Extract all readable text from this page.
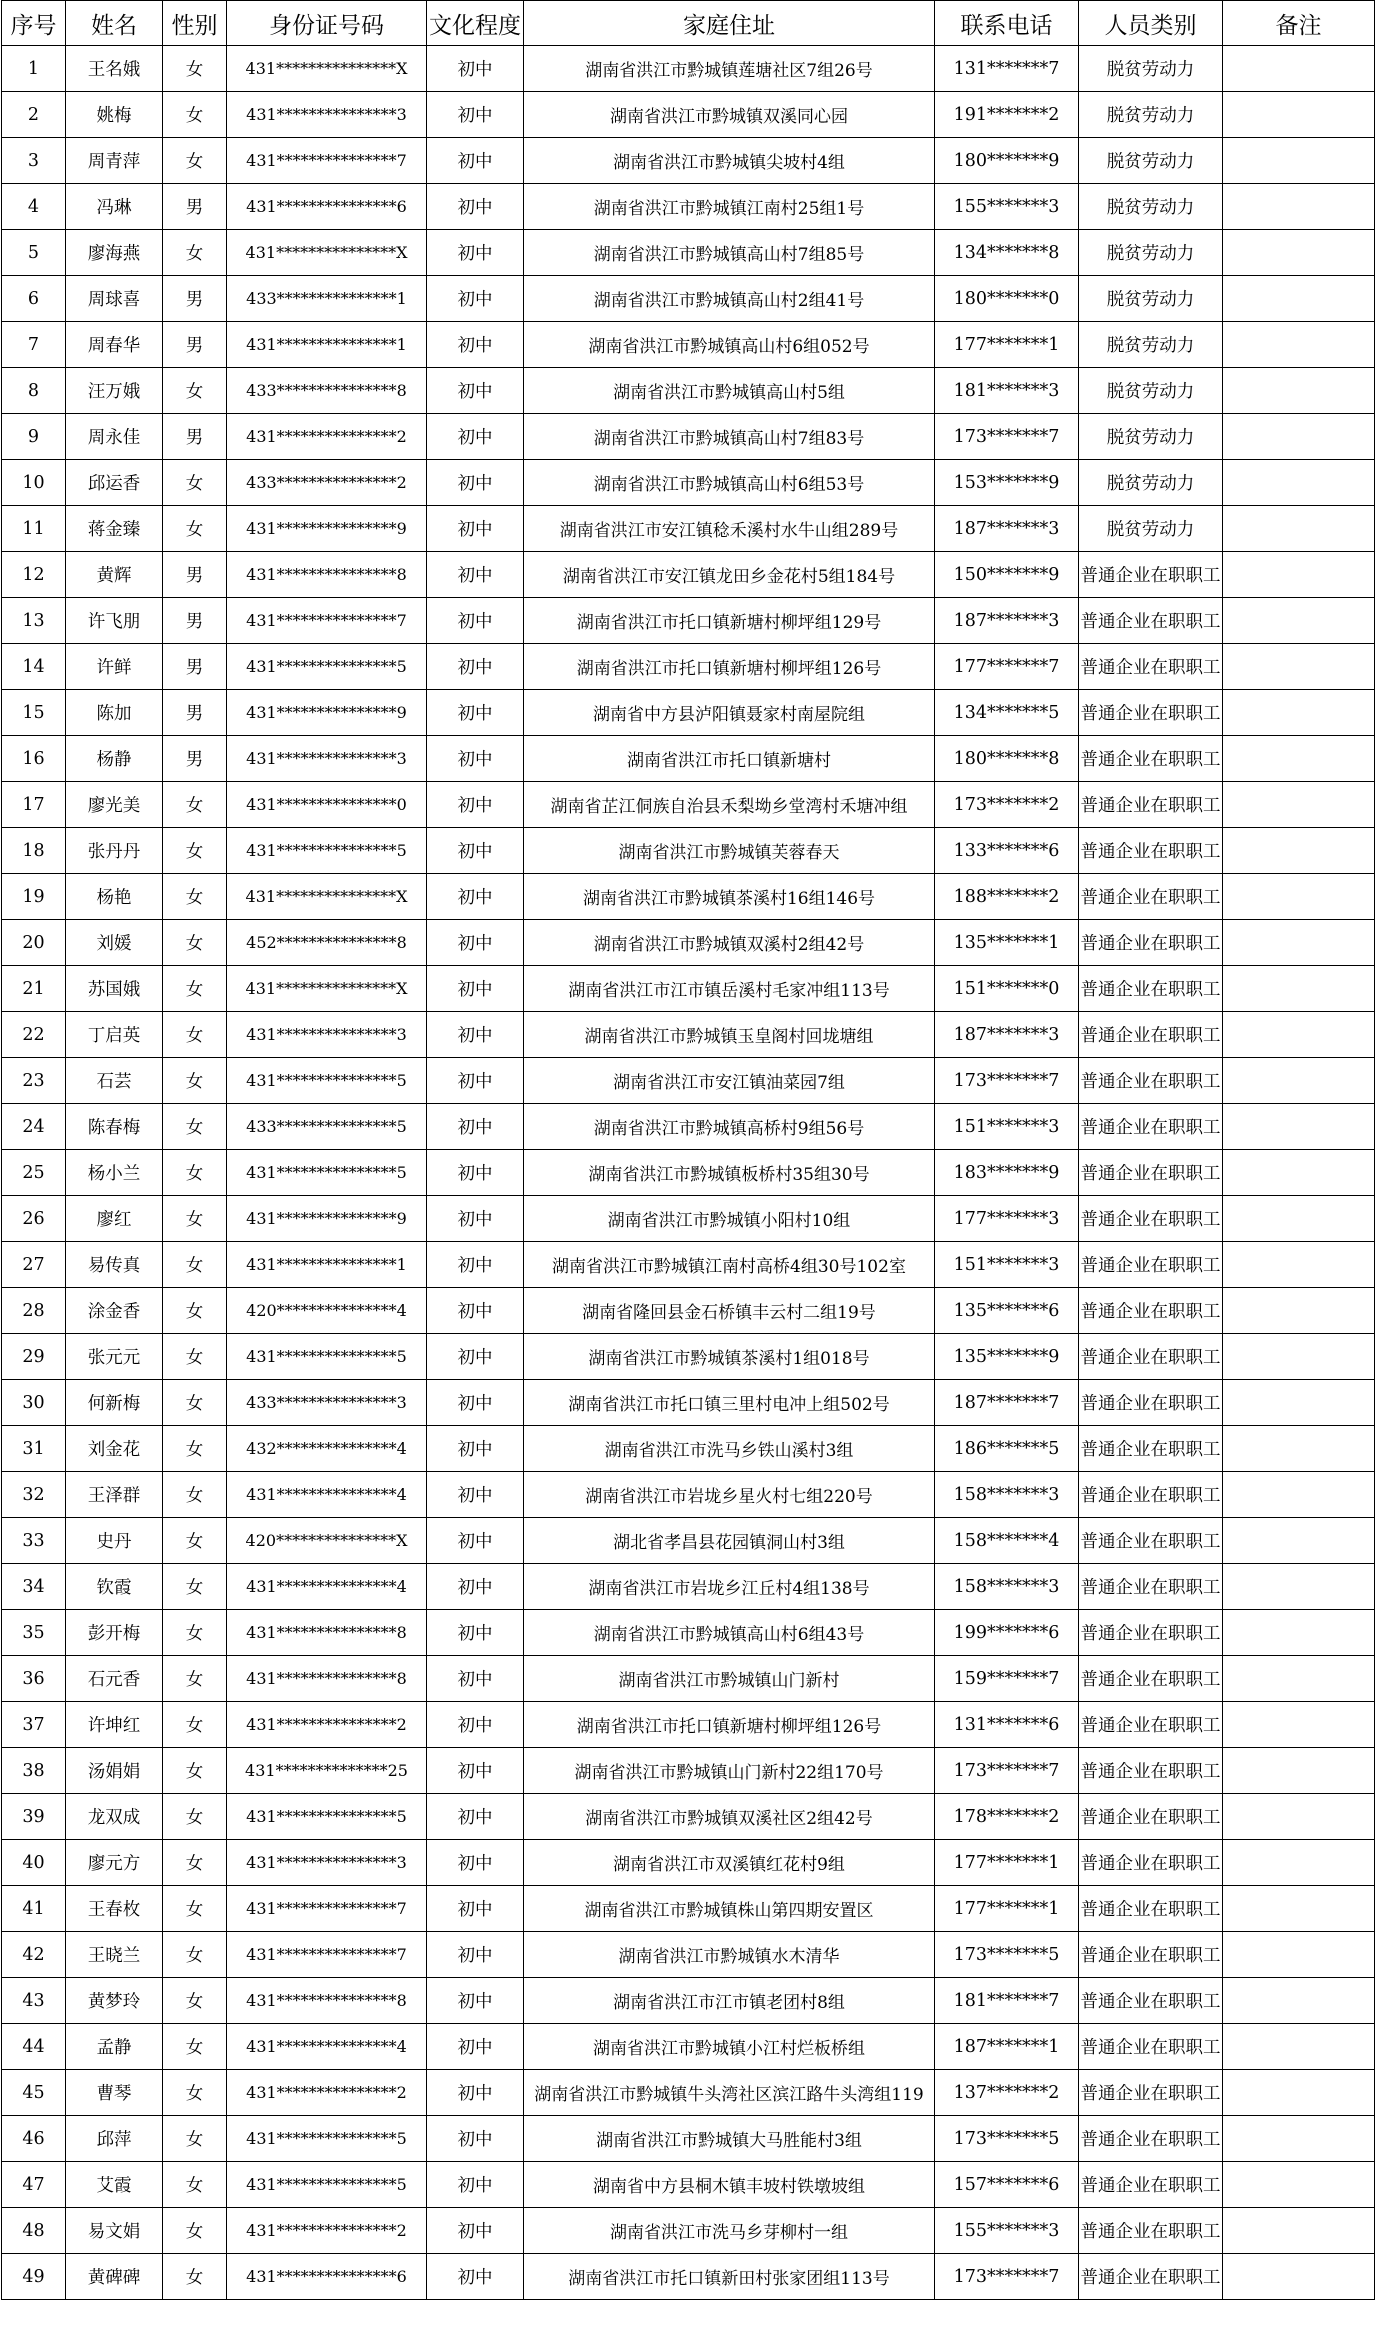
序号	姓名	性别	身份证号码	文化程度	家庭住址	联系电话	人员类别	备注
1	王名娥	女	431***************X	初中	湖南省洪江市黔城镇莲塘社区7组26号	131*******7	脱贫劳动力	
2	姚梅	女	431***************3	初中	湖南省洪江市黔城镇双溪同心园	191*******2	脱贫劳动力	
3	周青萍	女	431***************7	初中	湖南省洪江市黔城镇尖坡村4组	180*******9	脱贫劳动力	
4	冯琳	男	431***************6	初中	湖南省洪江市黔城镇江南村25组1号	155*******3	脱贫劳动力	
5	廖海燕	女	431***************X	初中	湖南省洪江市黔城镇高山村7组85号	134*******8	脱贫劳动力	
6	周球喜	男	433***************1	初中	湖南省洪江市黔城镇高山村2组41号	180*******0	脱贫劳动力	
7	周春华	男	431***************1	初中	湖南省洪江市黔城镇高山村6组052号	177*******1	脱贫劳动力	
8	汪万娥	女	433***************8	初中	湖南省洪江市黔城镇高山村5组	181*******3	脱贫劳动力	
9	周永佳	男	431***************2	初中	湖南省洪江市黔城镇高山村7组83号	173*******7	脱贫劳动力	
10	邱运香	女	433***************2	初中	湖南省洪江市黔城镇高山村6组53号	153*******9	脱贫劳动力	
11	蒋金臻	女	431***************9	初中	湖南省洪江市安江镇稔禾溪村水牛山组289号	187*******3	脱贫劳动力	
12	黄辉	男	431***************8	初中	湖南省洪江市安江镇龙田乡金花村5组184号	150*******9	普通企业在职职工	
13	许飞朋	男	431***************7	初中	湖南省洪江市托口镇新塘村柳坪组129号	187*******3	普通企业在职职工	
14	许鲜	男	431***************5	初中	湖南省洪江市托口镇新塘村柳坪组126号	177*******7	普通企业在职职工	
15	陈加	男	431***************9	初中	湖南省中方县泸阳镇聂家村南屋院组	134*******5	普通企业在职职工	
16	杨静	男	431***************3	初中	湖南省洪江市托口镇新塘村	180*******8	普通企业在职职工	
17	廖光美	女	431***************0	初中	湖南省芷江侗族自治县禾梨坳乡堂湾村禾塘冲组	173*******2	普通企业在职职工	
18	张丹丹	女	431***************5	初中	湖南省洪江市黔城镇芙蓉春天	133*******6	普通企业在职职工	
19	杨艳	女	431***************X	初中	湖南省洪江市黔城镇茶溪村16组146号	188*******2	普通企业在职职工	
20	刘媛	女	452***************8	初中	湖南省洪江市黔城镇双溪村2组42号	135*******1	普通企业在职职工	
21	苏国娥	女	431***************X	初中	湖南省洪江市江市镇岳溪村毛家冲组113号	151*******0	普通企业在职职工	
22	丁启英	女	431***************3	初中	湖南省洪江市黔城镇玉皇阁村回垅塘组	187*******3	普通企业在职职工	
23	石芸	女	431***************5	初中	湖南省洪江市安江镇油菜园7组	173*******7	普通企业在职职工	
24	陈春梅	女	433***************5	初中	湖南省洪江市黔城镇高桥村9组56号	151*******3	普通企业在职职工	
25	杨小兰	女	431***************5	初中	湖南省洪江市黔城镇板桥村35组30号	183*******9	普通企业在职职工	
26	廖红	女	431***************9	初中	湖南省洪江市黔城镇小阳村10组	177*******3	普通企业在职职工	
27	易传真	女	431***************1	初中	湖南省洪江市黔城镇江南村高桥4组30号102室	151*******3	普通企业在职职工	
28	涂金香	女	420***************4	初中	湖南省隆回县金石桥镇丰云村二组19号	135*******6	普通企业在职职工	
29	张元元	女	431***************5	初中	湖南省洪江市黔城镇茶溪村1组018号	135*******9	普通企业在职职工	
30	何新梅	女	433***************3	初中	湖南省洪江市托口镇三里村电冲上组502号	187*******7	普通企业在职职工	
31	刘金花	女	432***************4	初中	湖南省洪江市洗马乡铁山溪村3组	186*******5	普通企业在职职工	
32	王泽群	女	431***************4	初中	湖南省洪江市岩垅乡星火村七组220号	158*******3	普通企业在职职工	
33	史丹	女	420***************X	初中	湖北省孝昌县花园镇洞山村3组	158*******4	普通企业在职职工	
34	钦霞	女	431***************4	初中	湖南省洪江市岩垅乡江丘村4组138号	158*******3	普通企业在职职工	
35	彭开梅	女	431***************8	初中	湖南省洪江市黔城镇高山村6组43号	199*******6	普通企业在职职工	
36	石元香	女	431***************8	初中	湖南省洪江市黔城镇山门新村	159*******7	普通企业在职职工	
37	许坤红	女	431***************2	初中	湖南省洪江市托口镇新塘村柳坪组126号	131*******6	普通企业在职职工	
38	汤娟娟	女	431**************25	初中	湖南省洪江市黔城镇山门新村22组170号	173*******7	普通企业在职职工	
39	龙双成	女	431***************5	初中	湖南省洪江市黔城镇双溪社区2组42号	178*******2	普通企业在职职工	
40	廖元方	女	431***************3	初中	湖南省洪江市双溪镇红花村9组	177*******1	普通企业在职职工	
41	王春枚	女	431***************7	初中	湖南省洪江市黔城镇株山第四期安置区	177*******1	普通企业在职职工	
42	王晓兰	女	431***************7	初中	湖南省洪江市黔城镇水木清华	173*******5	普通企业在职职工	
43	黄梦玲	女	431***************8	初中	湖南省洪江市江市镇老团村8组	181*******7	普通企业在职职工	
44	孟静	女	431***************4	初中	湖南省洪江市黔城镇小江村烂板桥组	187*******1	普通企业在职职工	
45	曹琴	女	431***************2	初中	湖南省洪江市黔城镇牛头湾社区滨江路牛头湾组119	137*******2	普通企业在职职工	
46	邱萍	女	431***************5	初中	湖南省洪江市黔城镇大马胜能村3组	173*******5	普通企业在职职工	
47	艾霞	女	431***************5	初中	湖南省中方县桐木镇丰坡村铁墩坡组	157*******6	普通企业在职职工	
48	易文娟	女	431***************2	初中	湖南省洪江市洗马乡芽柳村一组	155*******3	普通企业在职职工	
49	黄碑碑	女	431***************6	初中	湖南省洪江市托口镇新田村张家团组113号	173*******7	普通企业在职职工	
